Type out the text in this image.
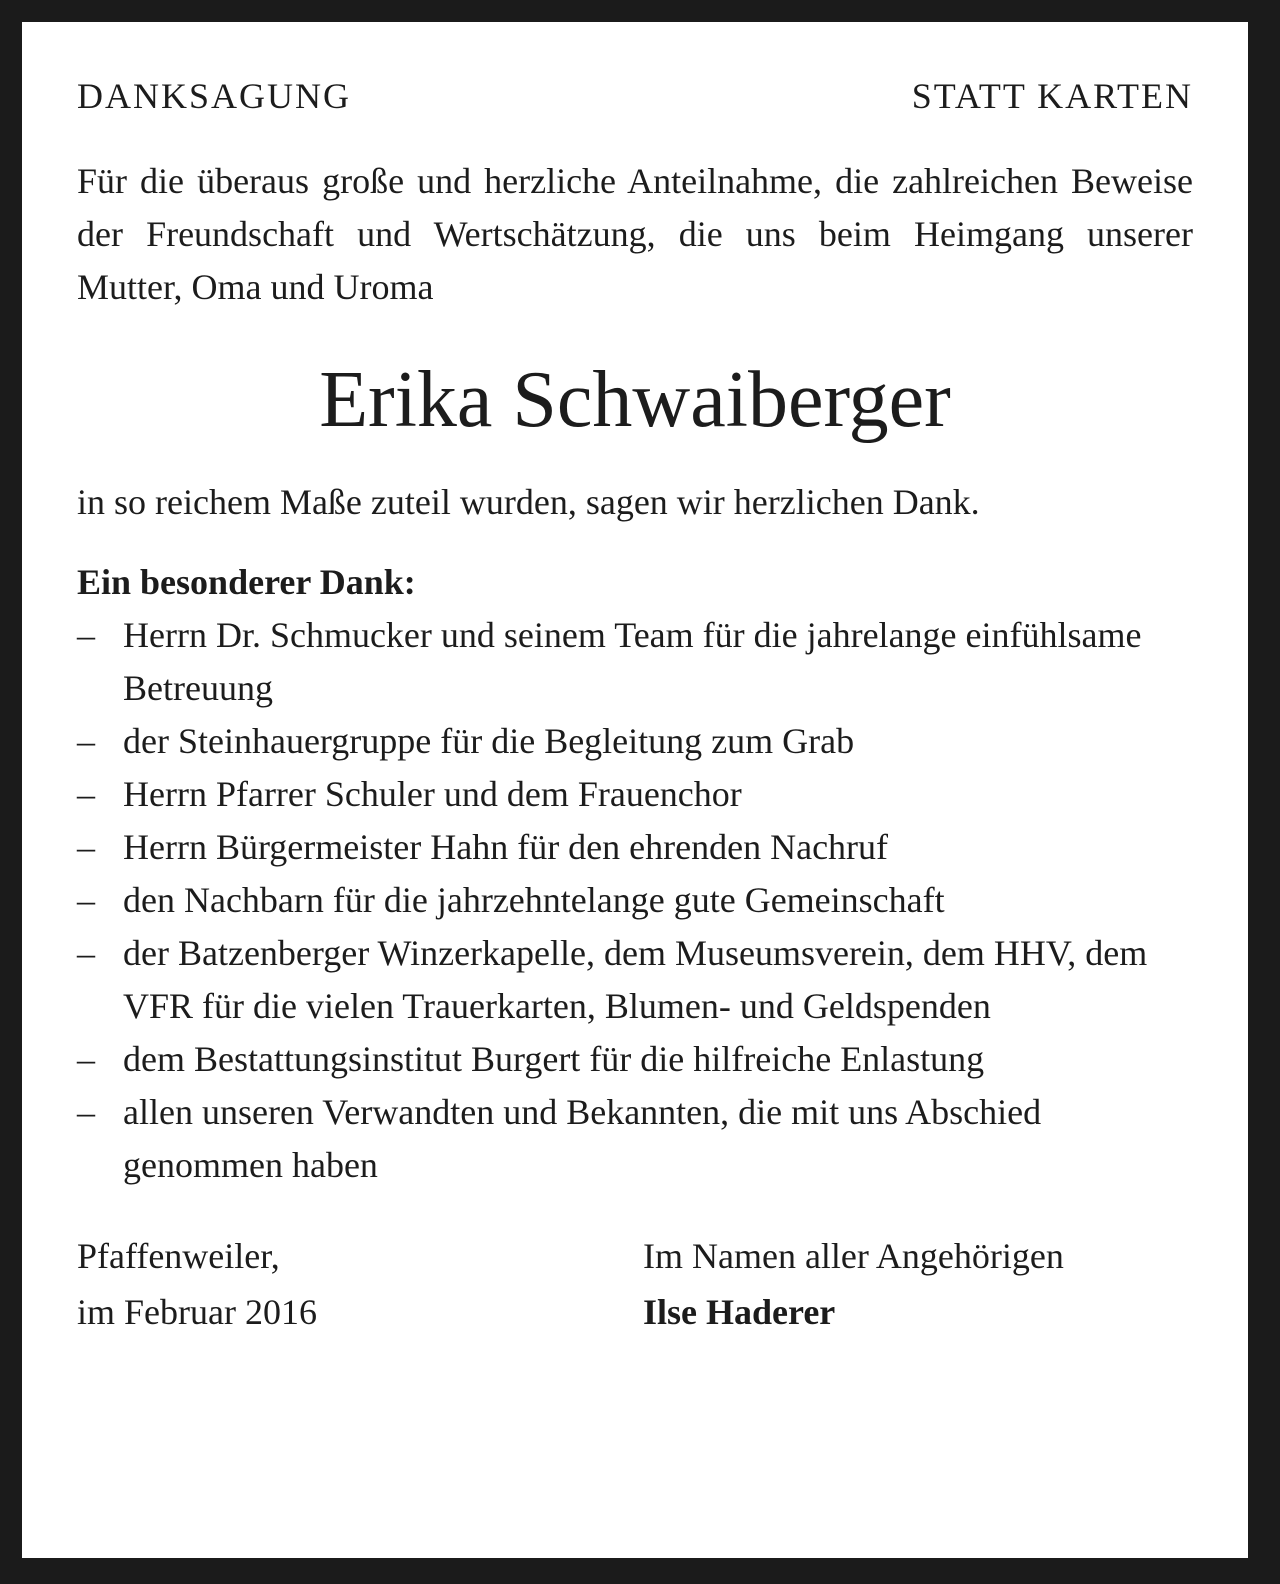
DANKSAGUNG	STATT KARTEN
Für die überaus große und herzliche Anteilnahme, die zahlreichen Beweise der Freundschaft und Wertschätzung, die uns beim Heimgang unserer Mutter, Oma und Uroma
Erika Schwaiberger
in so reichem Maße zuteil wurden, sagen wir herzlichen Dank.
Ein besonderer Dank:
– Herrn Dr. Schmucker und seinem Team für die jahrelange einfühlsame Betreuung
– der Steinhauergruppe für die Begleitung zum Grab
– Herrn Pfarrer Schuler und dem Frauenchor
– Herrn Bürgermeister Hahn für den ehrenden Nachruf
– den Nachbarn für die jahrzehntelange gute Gemeinschaft
– der Batzenberger Winzerkapelle, dem Museumsverein, dem HHV, dem VFR für die vielen Trauerkarten, Blumen- und Geldspenden
– dem Bestattungsinstitut Burgert für die hilfreiche Enlastung
– allen unseren Verwandten und Bekannten, die mit uns Abschied genommen haben
Pfaffenweiler,
im Februar 2016
Im Namen aller Angehörigen
Ilse Haderer
